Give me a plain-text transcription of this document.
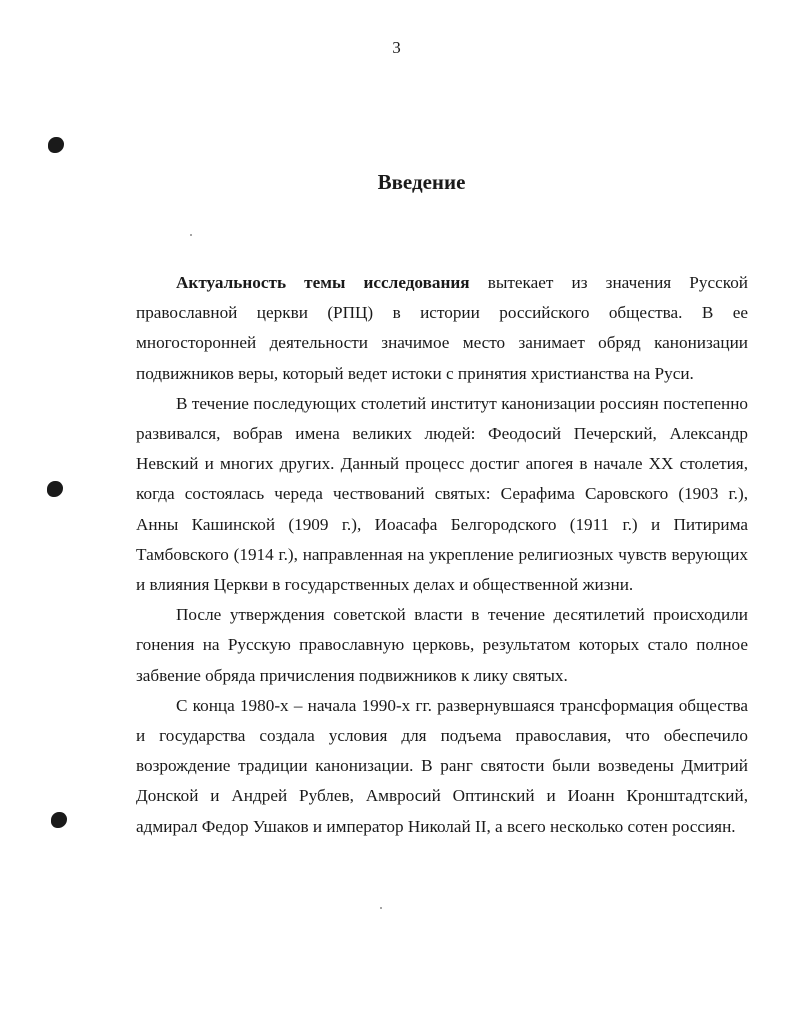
3
Введение

Актуальность темы исследования вытекает из значения Русской православной церкви (РПЦ) в истории российского общества. В ее многосторонней деятельности значимое место занимает обряд канонизации подвижников веры, который ведет истоки с принятия христианства на Руси.

В течение последующих столетий институт канонизации россиян постепенно развивался, вобрав имена великих людей: Феодосий Печерский, Александр Невский и многих других. Данный процесс достиг апогея в начале XX столетия, когда состоялась череда чествований святых: Серафима Саровского (1903 г.), Анны Кашинской (1909 г.), Иоасафа Белгородского (1911 г.) и Питирима Тамбовского (1914 г.), направленная на укрепление религиозных чувств верующих и влияния Церкви в государственных делах и общественной жизни.

После утверждения советской власти в течение десятилетий происходили гонения на Русскую православную церковь, результатом которых стало полное забвение обряда причисления подвижников к лику святых.

С конца 1980-х – начала 1990-х гг. развернувшаяся трансформация общества и государства создала условия для подъема православия, что обеспечило возрождение традиции канонизации. В ранг святости были возведены Дмитрий Донской и Андрей Рублев, Амвросий Оптинский и Иоанн Кронштадтский, адмирал Федор Ушаков и император Николай II, а всего несколько сотен россиян.
